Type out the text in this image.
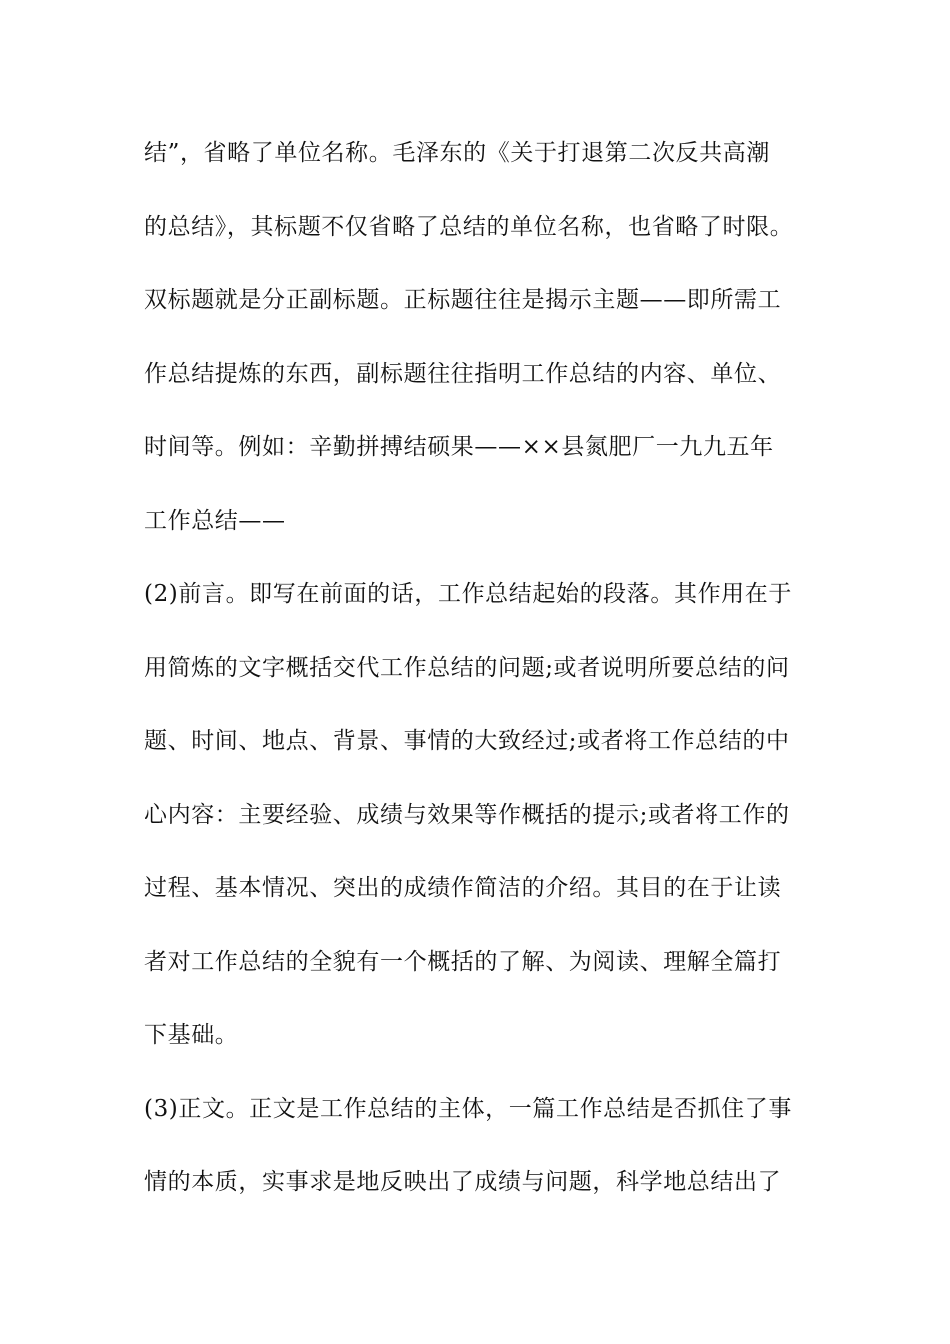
结”，省略了单位名称。毛泽东的《关于打退第二次反共高潮
的总结》，其标题不仅省略了总结的单位名称，也省略了时限。
双标题就是分正副标题。正标题往往是揭示主题——即所需工
作总结提炼的东西，副标题往往指明工作总结的内容、单位、
时间等。例如：辛勤拼搏结硕果——××县氮肥厂一九九五年
工作总结——
(2)前言。即写在前面的话，工作总结起始的段落。其作用在于
用简炼的文字概括交代工作总结的问题;或者说明所要总结的问
题、时间、地点、背景、事情的大致经过;或者将工作总结的中
心内容：主要经验、成绩与效果等作概括的提示;或者将工作的
过程、基本情况、突出的成绩作简洁的介绍。其目的在于让读
者对工作总结的全貌有一个概括的了解、为阅读、理解全篇打
下基础。
(3)正文。正文是工作总结的主体，一篇工作总结是否抓住了事
情的本质，实事求是地反映出了成绩与问题，科学地总结出了
